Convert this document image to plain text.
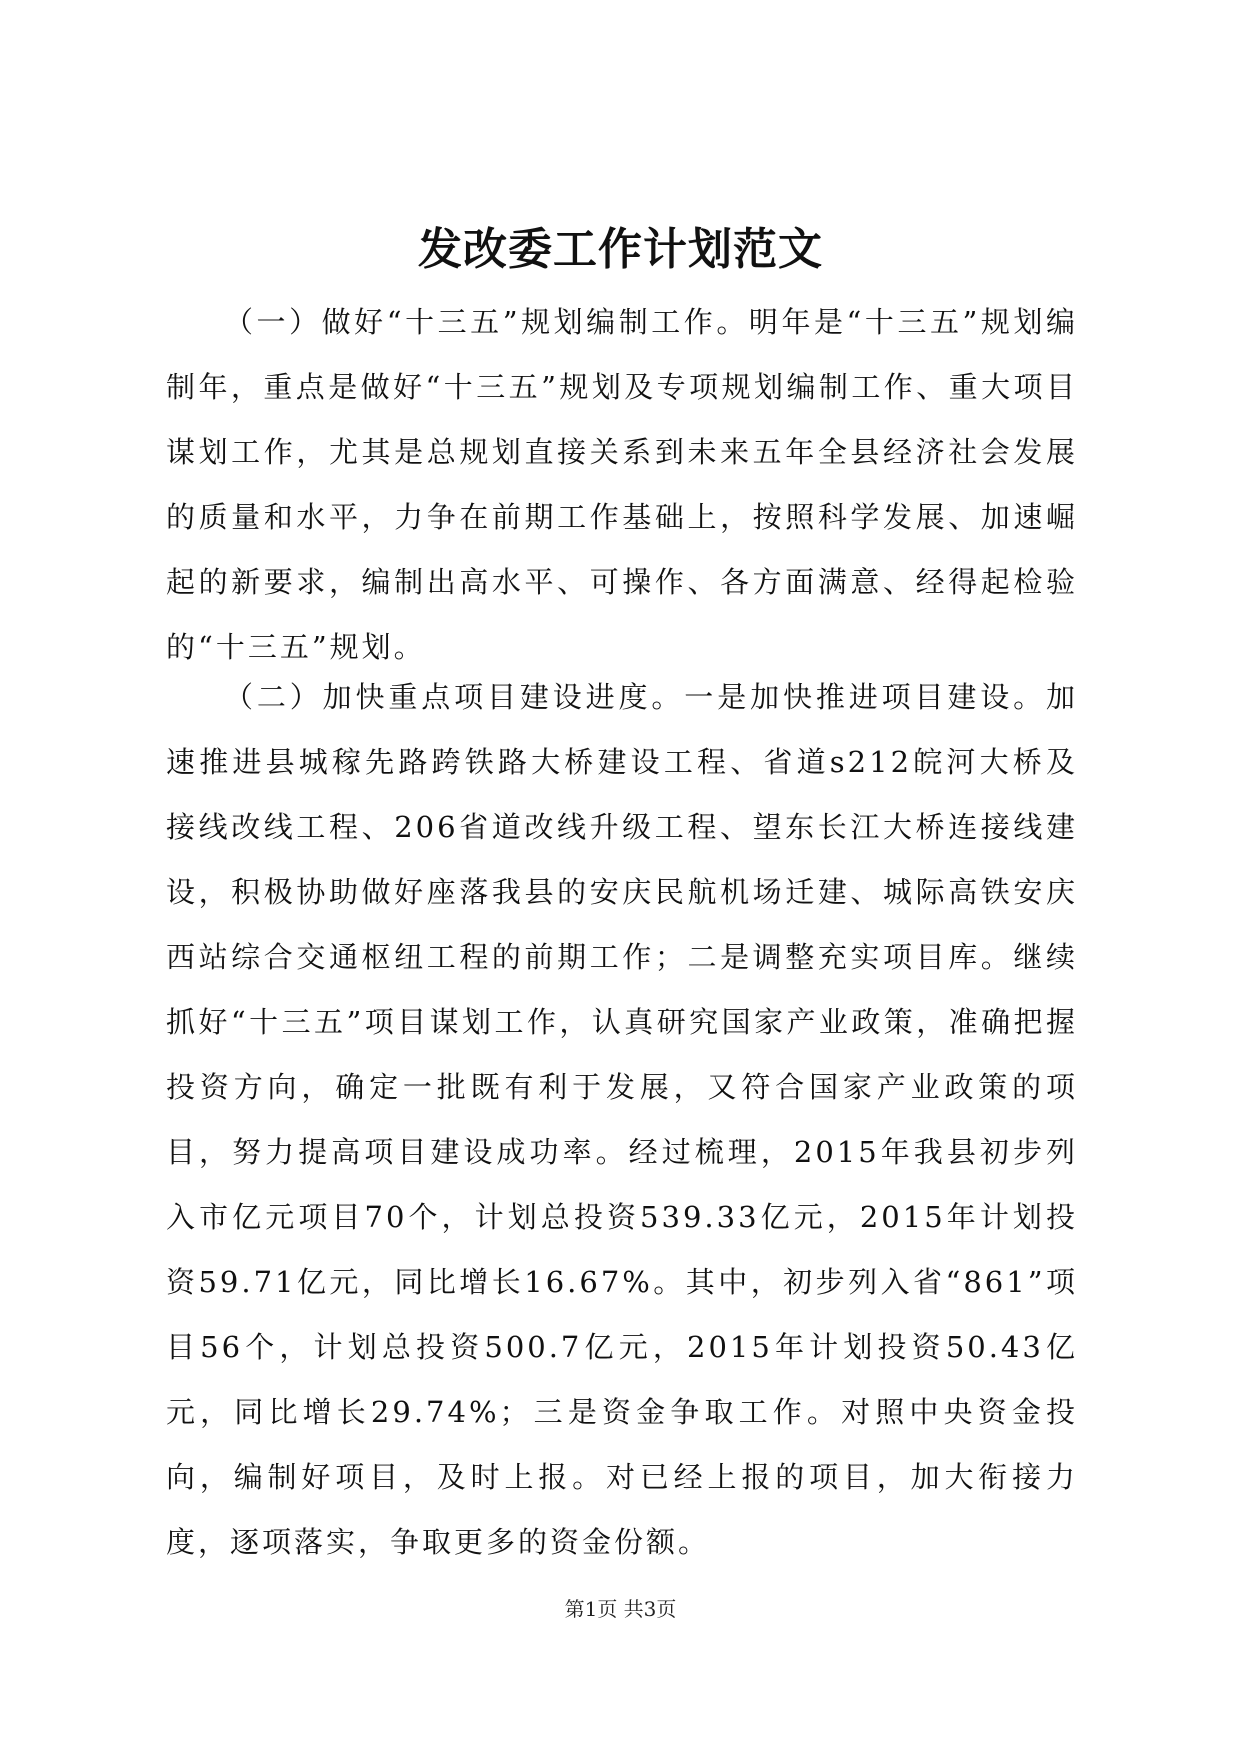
发改委工作计划范文

（一）做好“十三五”规划编制工作。明年是“十三五”规划编制年，重点是做好“十三五”规划及专项规划编制工作、重大项目谋划工作，尤其是总规划直接关系到未来五年全县经济社会发展的质量和水平，力争在前期工作基础上，按照科学发展、加速崛起的新要求，编制出高水平、可操作、各方面满意、经得起检验的“十三五”规划。

（二）加快重点项目建设进度。一是加快推进项目建设。加速推进县城稼先路跨铁路大桥建设工程、省道s212皖河大桥及接线改线工程、206省道改线升级工程、望东长江大桥连接线建设，积极协助做好座落我县的安庆民航机场迁建、城际高铁安庆西站综合交通枢纽工程的前期工作；二是调整充实项目库。继续抓好“十三五”项目谋划工作，认真研究国家产业政策，准确把握投资方向，确定一批既有利于发展，又符合国家产业政策的项目，努力提高项目建设成功率。经过梳理，2015年我县初步列入市亿元项目70个，计划总投资539.33亿元，2015年计划投资59.71亿元，同比增长16.67%。其中，初步列入省“861”项目56个，计划总投资500.7亿元，2015年计划投资50.43亿元，同比增长29.74%；三是资金争取工作。对照中央资金投向，编制好项目，及时上报。对已经上报的项目，加大衔接力度，逐项落实，争取更多的资金份额。

第1页 共3页
